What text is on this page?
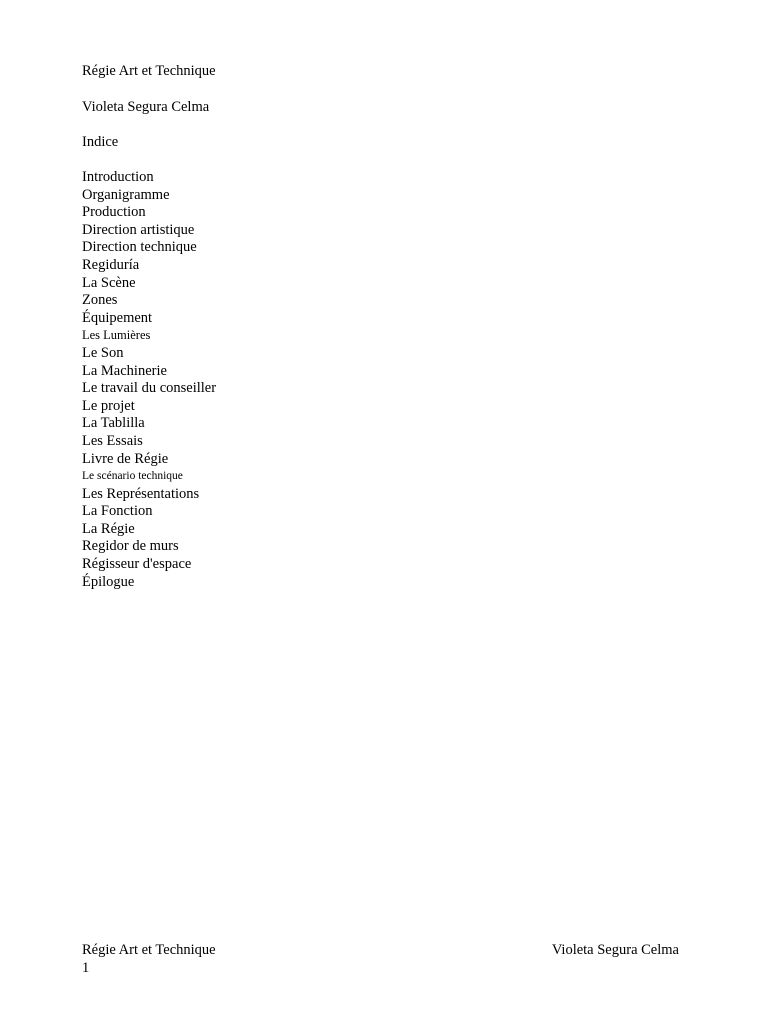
Régie Art et Technique
Violeta Segura Celma
Indice
Introduction
Organigramme
Production
Direction artistique
Direction technique
Regiduría
La Scène
Zones
Équipement
Les Lumières
Le Son
La Machinerie
Le travail du conseiller
Le projet
La Tablilla
Les Essais
Livre de Régie
Le scénario technique
Les Représentations
La Fonction
La Régie
Regidor de murs
Régisseur d'espace
Épilogue
Régie Art et Technique	Violeta Segura Celma
1
